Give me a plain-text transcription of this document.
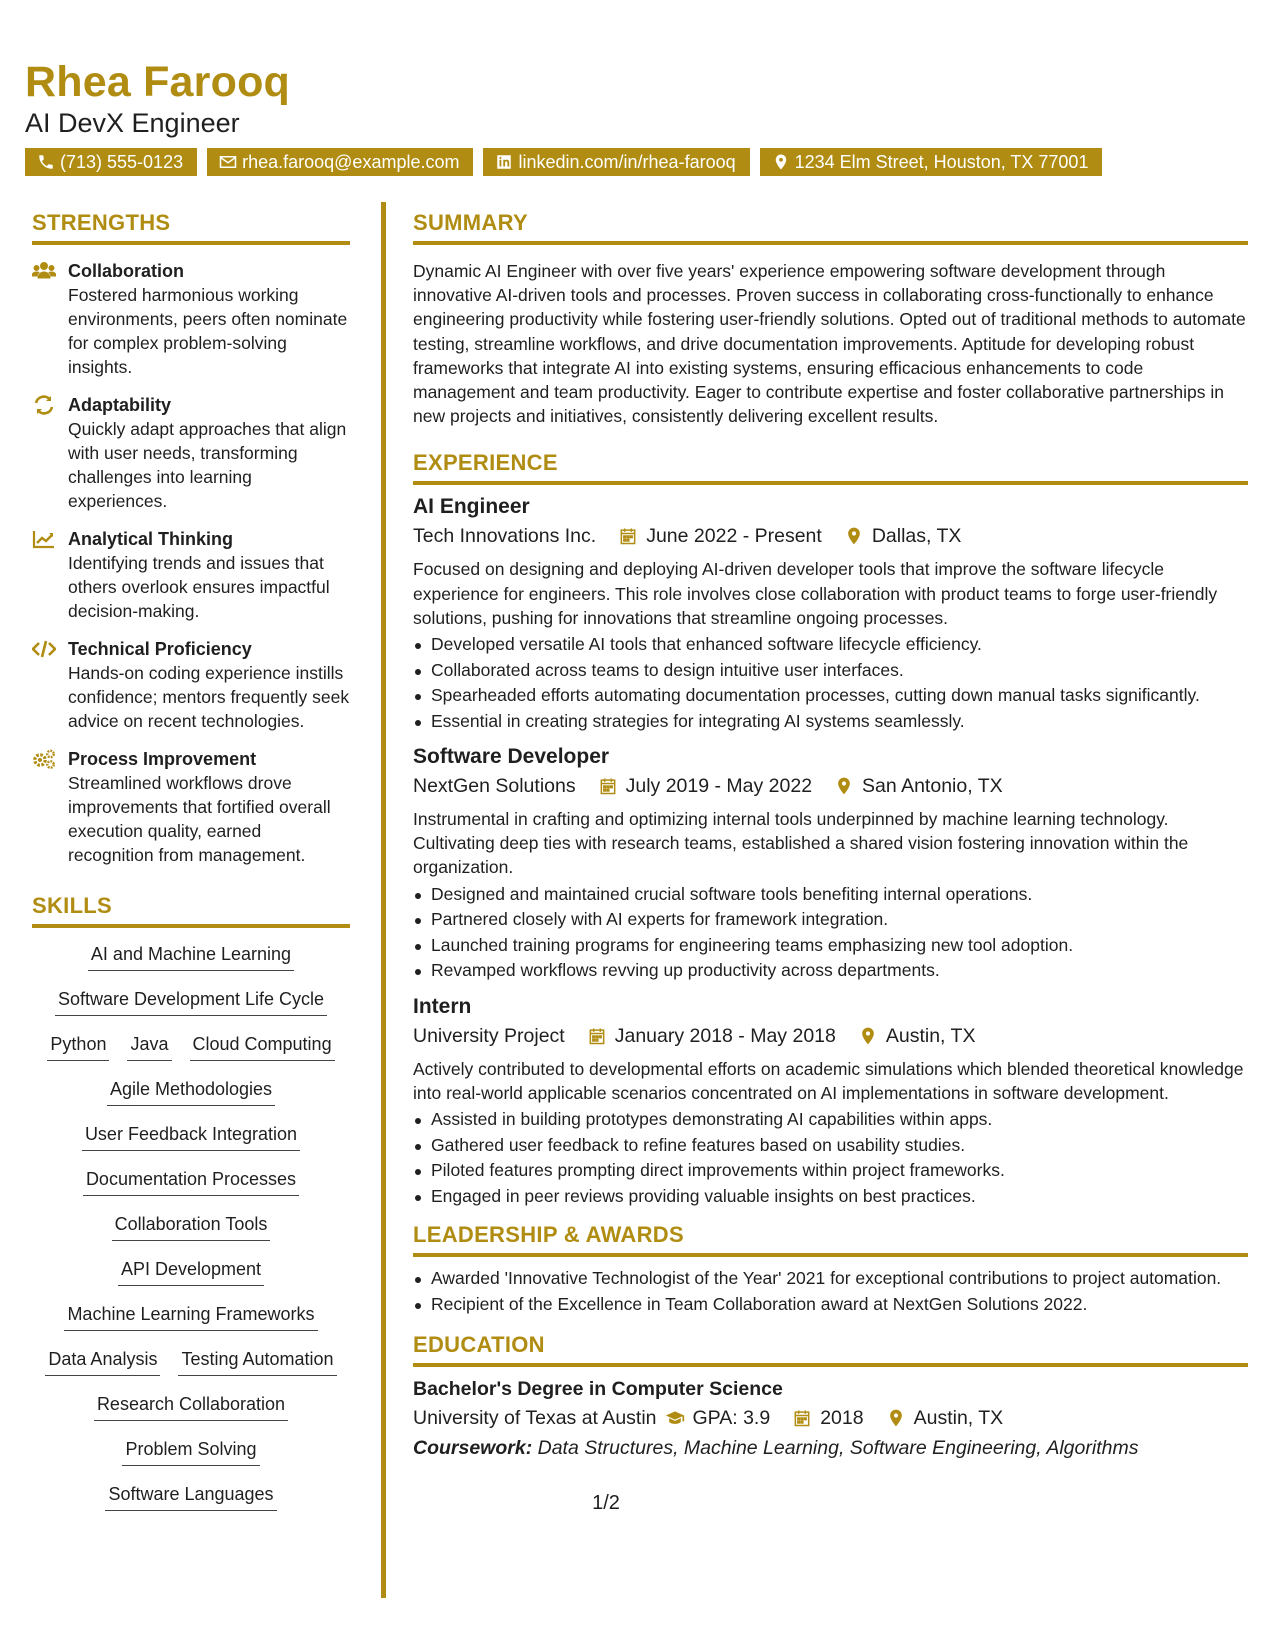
Rhea Farooq
AI DevX Engineer
(713) 555-0123	rhea.farooq@example.com	linkedin.com/in/rhea-farooq	1234 Elm Street, Houston, TX 77001
STRENGTHS
Collaboration
Fostered harmonious working environments, peers often nominate for complex problem-solving insights.
Adaptability
Quickly adapt approaches that align with user needs, transforming challenges into learning experiences.
Analytical Thinking
Identifying trends and issues that others overlook ensures impactful decision-making.
Technical Proficiency
Hands-on coding experience instills confidence; mentors frequently seek advice on recent technologies.
Process Improvement
Streamlined workflows drove improvements that fortified overall execution quality, earned recognition from management.
SKILLS
AI and Machine Learning
Software Development Life Cycle
Python Java Cloud Computing
Agile Methodologies
User Feedback Integration
Documentation Processes
Collaboration Tools
API Development
Machine Learning Frameworks
Data Analysis Testing Automation
Research Collaboration
Problem Solving
Software Languages
SUMMARY
Dynamic AI Engineer with over five years' experience empowering software development through innovative AI-driven tools and processes. Proven success in collaborating cross-functionally to enhance engineering productivity while fostering user-friendly solutions. Opted out of traditional methods to automate testing, streamline workflows, and drive documentation improvements. Aptitude for developing robust frameworks that integrate AI into existing systems, ensuring efficacious enhancements to code management and team productivity. Eager to contribute expertise and foster collaborative partnerships in new projects and initiatives, consistently delivering excellent results.
EXPERIENCE
AI Engineer
Tech Innovations Inc.	June 2022 - Present	Dallas, TX
Focused on designing and deploying AI-driven developer tools that improve the software lifecycle experience for engineers. This role involves close collaboration with product teams to forge user-friendly solutions, pushing for innovations that streamline ongoing processes.
Developed versatile AI tools that enhanced software lifecycle efficiency.
Collaborated across teams to design intuitive user interfaces.
Spearheaded efforts automating documentation processes, cutting down manual tasks significantly.
Essential in creating strategies for integrating AI systems seamlessly.
Software Developer
NextGen Solutions	July 2019 - May 2022	San Antonio, TX
Instrumental in crafting and optimizing internal tools underpinned by machine learning technology. Cultivating deep ties with research teams, established a shared vision fostering innovation within the organization.
Designed and maintained crucial software tools benefiting internal operations.
Partnered closely with AI experts for framework integration.
Launched training programs for engineering teams emphasizing new tool adoption.
Revamped workflows revving up productivity across departments.
Intern
University Project	January 2018 - May 2018	Austin, TX
Actively contributed to developmental efforts on academic simulations which blended theoretical knowledge into real-world applicable scenarios concentrated on AI implementations in software development.
Assisted in building prototypes demonstrating AI capabilities within apps.
Gathered user feedback to refine features based on usability studies.
Piloted features prompting direct improvements within project frameworks.
Engaged in peer reviews providing valuable insights on best practices.
LEADERSHIP & AWARDS
Awarded 'Innovative Technologist of the Year' 2021 for exceptional contributions to project automation.
Recipient of the Excellence in Team Collaboration award at NextGen Solutions 2022.
EDUCATION
Bachelor's Degree in Computer Science
University of Texas at Austin GPA: 3.9	2018	Austin, TX
Coursework: Data Structures, Machine Learning, Software Engineering, Algorithms
1/2
